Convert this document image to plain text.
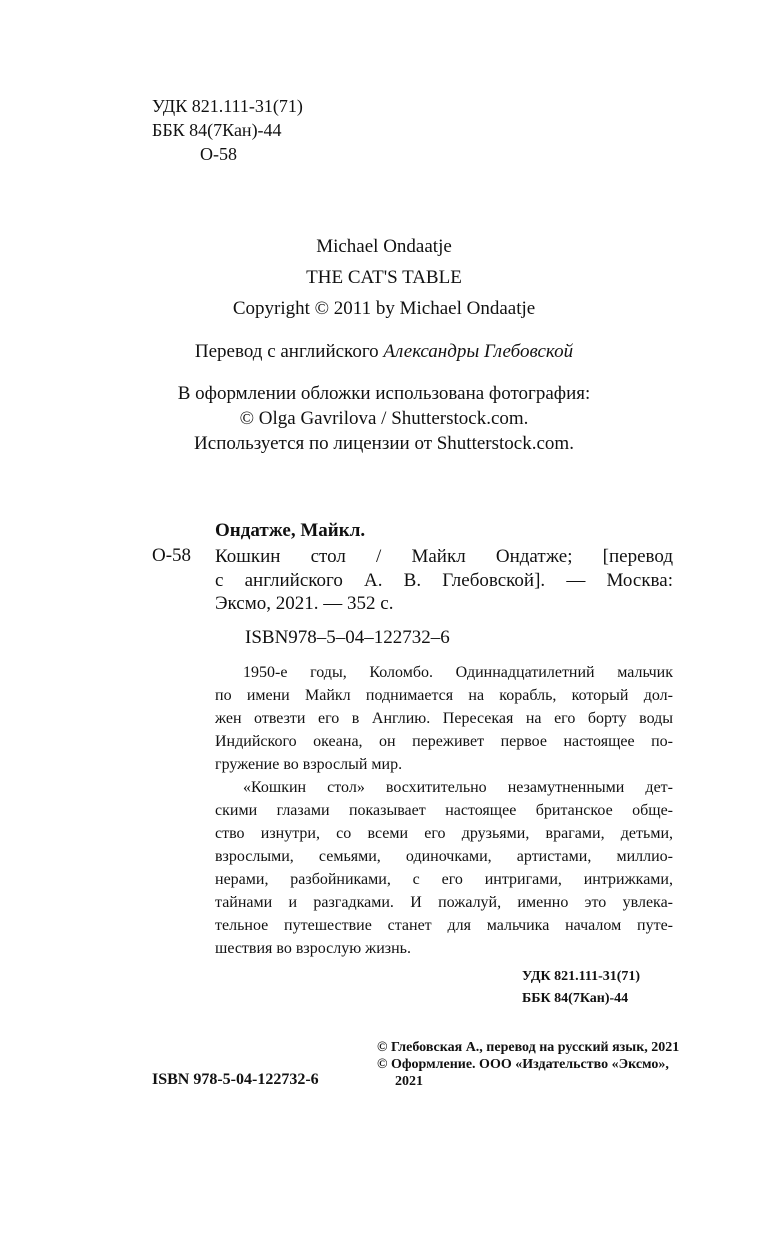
УДК 821.111-31(71)
ББК 84(7Кан)-44
О-58
Michael Ondaatje
THE CAT'S TABLE
Copyright © 2011 by Michael Ondaatje
Перевод с английского Александры Глебовской
В оформлении обложки использована фотография:
© Olga Gavrilova / Shutterstock.com.
Используется по лицензии от Shutterstock.com.
Ондатже, Майкл.
О-58 Кошкин стол / Майкл Ондатже; [перевод
с английского А. В. Глебовской]. — Москва:
Эксмо, 2021. — 352 с.
ISBN978–5–04–122732–6
1950-е годы, Коломбо. Одиннадцатилетний мальчик
по имени Майкл поднимается на корабль, который дол-
жен отвезти его в Англию. Пересекая на его борту воды
Индийского океана, он переживет первое настоящее по-
гружение во взрослый мир.
«Кошкин стол» восхитительно незамутненными дет-
скими глазами показывает настоящее британское обще-
ство изнутри, со всеми его друзьями, врагами, детьми,
взрослыми, семьями, одиночками, артистами, миллио-
нерами, разбойниками, с его интригами, интрижками,
тайнами и разгадками. И пожалуй, именно это увлека-
тельное путешествие станет для мальчика началом путе-
шествия во взрослую жизнь.
УДК 821.111-31(71)
ББК 84(7Кан)-44
ISBN 978-5-04-122732-6
© Глебовская А., перевод на русский язык, 2021
© Оформление. ООО «Издательство «Эксмо»,
2021
